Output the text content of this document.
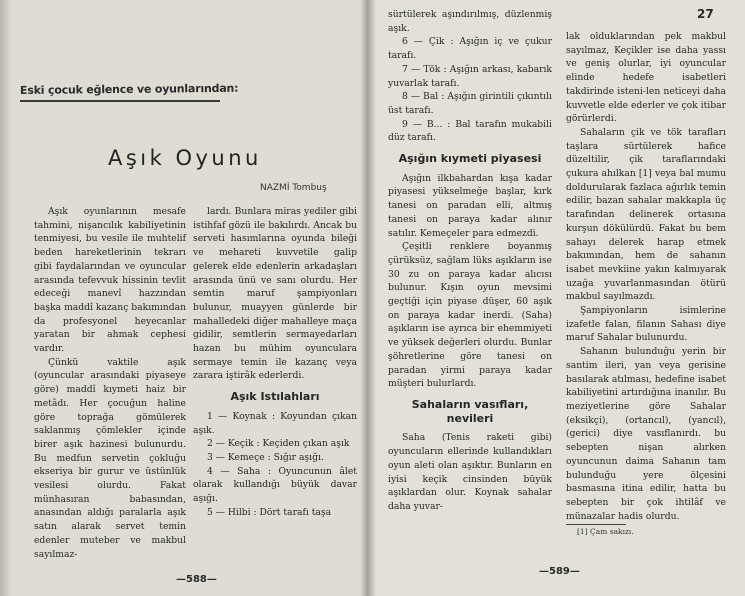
Eski çocuk eğlence ve oyunlarından:
Aşık Oyunu
NAZMİ Tombuş

Aşık oyunlarının mesafe tahmini, nişancılık kabiliyetinin tenmiyesi, bu vesile ile muhtelif beden hareketlerinin tekrarı gibi faydalarından ve oyuncular arasında tefevvuk hissinin tevlit edeceği manevî hazzından başka maddî kazanç bakımından da profesyonel heyecanlar yaratan bir ahmak cephesi vardır.

Çünkü vaktile aşık (oyuncular arasındaki piyaseye göre) maddî kıymeti haiz bir metâdı. Her çocuğun haline göre toprağa gömülerek saklanmış çömlekler içinde birer aşık hazinesi bulunurdu. Bu medfun servetin çokluğu ekseriya bir gurur ve üstünlük vesilesi olurdu. Fakat münhasıran babasından, anasından aldığı paralarla aşık satın alarak servet temin edenler muteber ve makbul sayılmaz-

lardı. Bunlara miras yediler gibi istihfaf gözü ile bakılırdı. Ancak bu serveti hasımlarına oyunda bileği ve mehareti kuvvetile galip gelerek elde edenlerin arkadaşları arasında ünü ve sanı olurdu. Her semtin maruf şampiyonları bulunur, muayyen günlerde bir mahalledeki diğer mahalleye maça gidilir, semtlerin sermayedarları hazan bu mühim oyunculara sermaye temin ile kazanç veya zarara iştirâk ederlerdi.

Aşık Istılahları
1 — Koynak : Koyundan çıkan aşık.
2 — Keçik : Keçiden çıkan aşık
3 — Kemeçe : Sığır aşığı.
4 — Saha : Oyuncunun âlet olarak kullandığı büyük davar aşığı.
5 — Hilbi : Dört tarafı taşa
—588—
27
sürtülerek aşındırılmış, düzlenmiş aşık.
6 — Çik : Aşığın iç ve çukur tarafı.
7 — Tök : Aşığın arkası, kabarık yuvarlak tarafı.
8 — Bal : Aşığın girintili çıkıntılı üst tarafı.
9 — B... : Bal tarafın mukabili düz tarafı.
Aşığın kıymeti piyasesi

Aşığın ilkbahardan kışa kadar piyasesi yükselmeğe başlar, kırk tanesi on paradan elli, altmış tanesi on paraya kadar alınır satılır. Kemeçeler para edmezdi.

Çeşitli renklere boyanmış çürüksüz, sağlam lüks aşıkların ise 30 zu on paraya kadar alıcısı bulunur. Kışın oyun mevsimi geçtiği için piyase düşer, 60 aşık on paraya kadar inerdi. (Saha) aşıkların ise ayrıca bir ehemmiyeti ve yüksek değerleri olurdu. Bunlar şöhretlerine göre tanesi on paradan yirmi paraya kadar müşteri bulurlardı.

Sahaların vasıfları, nevileri

Saha (Tenis raketi gibi) oyuncuların ellerinde kullandıkları oyun aleti olan aşıktır. Bunların en iyisi keçik cinsinden büyük aşıklardan olur. Koynak sahalar daha yuvar-

lak olduklarından pek makbul sayılmaz, Keçikler ise daha yassı ve geniş olurlar, iyi oyuncular elinde hedefe isabetleri takdirinde isteni-len neticeyi daha kuvvetle elde ederler ve çok itibar görürlerdi.

Sahaların çik ve tök tarafları taşlara sürtülerek hafice düzeltilir, çik taraflarındaki çukura ahılkan [1] veya bal mumu doldurularak fazlaca ağırlık temin edilir, bazan sahalar makkapla üç tarafından delinerek ortasına kurşun dökülürdü. Fakat bu bem sahayı delerek harap etmek bakımından, hem de sahanın isabet mevkiine yakın kalmıyarak uzağa yuvarlanmasından ötürü makbul sayılmazdı.

Şampiyonların isimlerine izafetle falan, filanın Sahası diye maruf Sahalar bulunurdu.

Sahanın bulunduğu yerin bir santim ileri, yan veya gerisine basılarak atılması, hedefine isabet kabiliyetini artırdığına inanılır. Bu meziyetlerine göre Sahalar (eksikçi), (ortancıl), (yancıl), (gerici) diye vasıflanırdı. bu sebepten nişan alırken oyuncunun daima Sahanın tam bulunduğu yere ölçesini basmasına itina edilir, hatta bu sebepten bir çok ihtilâf ve münazalar hadis olurdu.

[1] Çam sakızı.
—589—
